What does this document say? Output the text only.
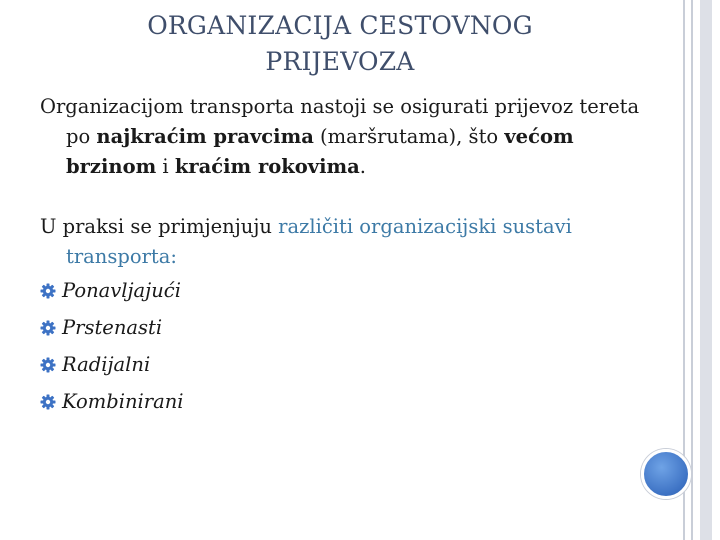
ORGANIZACIJA CESTOVNOG
PRIJEVOZA

Organizacijom transporta nastoji se osigurati prijevoz tereta po najkraćim pravcima (maršrutama), što većom brzinom i kraćim rokovima.

U praksi se primjenjuju različiti organizacijski sustavi transporta:

Ponavljajući
Prstenasti
Radijalni
Kombinirani
